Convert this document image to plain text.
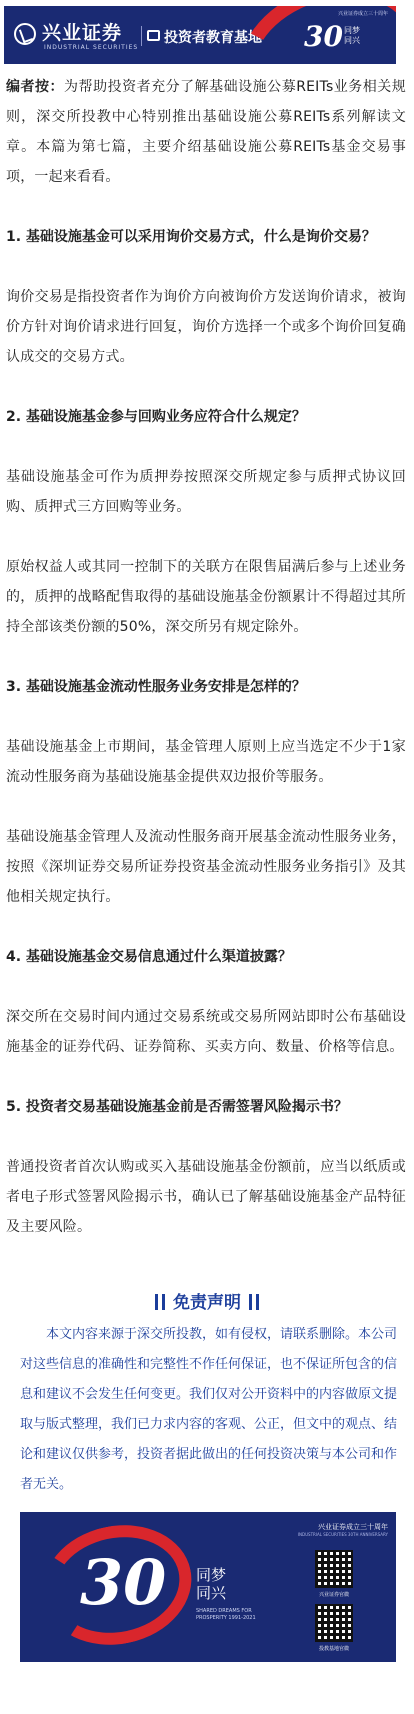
兴业证券
INDUSTRIAL SECURITIES
投资者教育基地
兴业证券成立三十周年
30 同梦
同兴

编者按：为帮助投资者充分了解基础设施公募REITs业务相关规则，深交所投教中心特别推出基础设施公募REITs系列解读文章。本篇为第七篇，主要介绍基础设施公募REITs基金交易事项，一起来看看。

1. 基础设施基金可以采用询价交易方式，什么是询价交易？

询价交易是指投资者作为询价方向被询价方发送询价请求，被询价方针对询价请求进行回复，询价方选择一个或多个询价回复确认成交的交易方式。

2. 基础设施基金参与回购业务应符合什么规定？

基础设施基金可作为质押券按照深交所规定参与质押式协议回购、质押式三方回购等业务。

原始权益人或其同一控制下的关联方在限售届满后参与上述业务的，质押的战略配售取得的基础设施基金份额累计不得超过其所持全部该类份额的50%，深交所另有规定除外。

3. 基础设施基金流动性服务业务安排是怎样的？

基础设施基金上市期间，基金管理人原则上应当选定不少于1家流动性服务商为基础设施基金提供双边报价等服务。

基础设施基金管理人及流动性服务商开展基金流动性服务业务，按照《深圳证券交易所证券投资基金流动性服务业务指引》及其他相关规定执行。

4. 基础设施基金交易信息通过什么渠道披露？

深交所在交易时间内通过交易系统或交易所网站即时公布基础设施基金的证券代码、证券简称、买卖方向、数量、价格等信息。

5. 投资者交易基础设施基金前是否需签署风险揭示书？

普通投资者首次认购或买入基础设施基金份额前，应当以纸质或者电子形式签署风险揭示书，确认已了解基础设施基金产品特征及主要风险。

免责声明
本文内容来源于深交所投教，如有侵权，请联系删除。本公司对这些信息的准确性和完整性不作任何保证，也不保证所包含的信息和建议不会发生任何变更。我们仅对公开资料中的内容做原文提取与版式整理，我们已力求内容的客观、公正，但文中的观点、结论和建议仅供参考，投资者据此做出的任何投资决策与本公司和作者无关。
30 同梦
同兴
SHARED DREAMS FOR PROSPERITY 1991-2021
兴业证券成立三十周年
INDUSTRIAL SECURITIES 30TH ANNIVERSARY
兴业证券官微
投教基地官微
